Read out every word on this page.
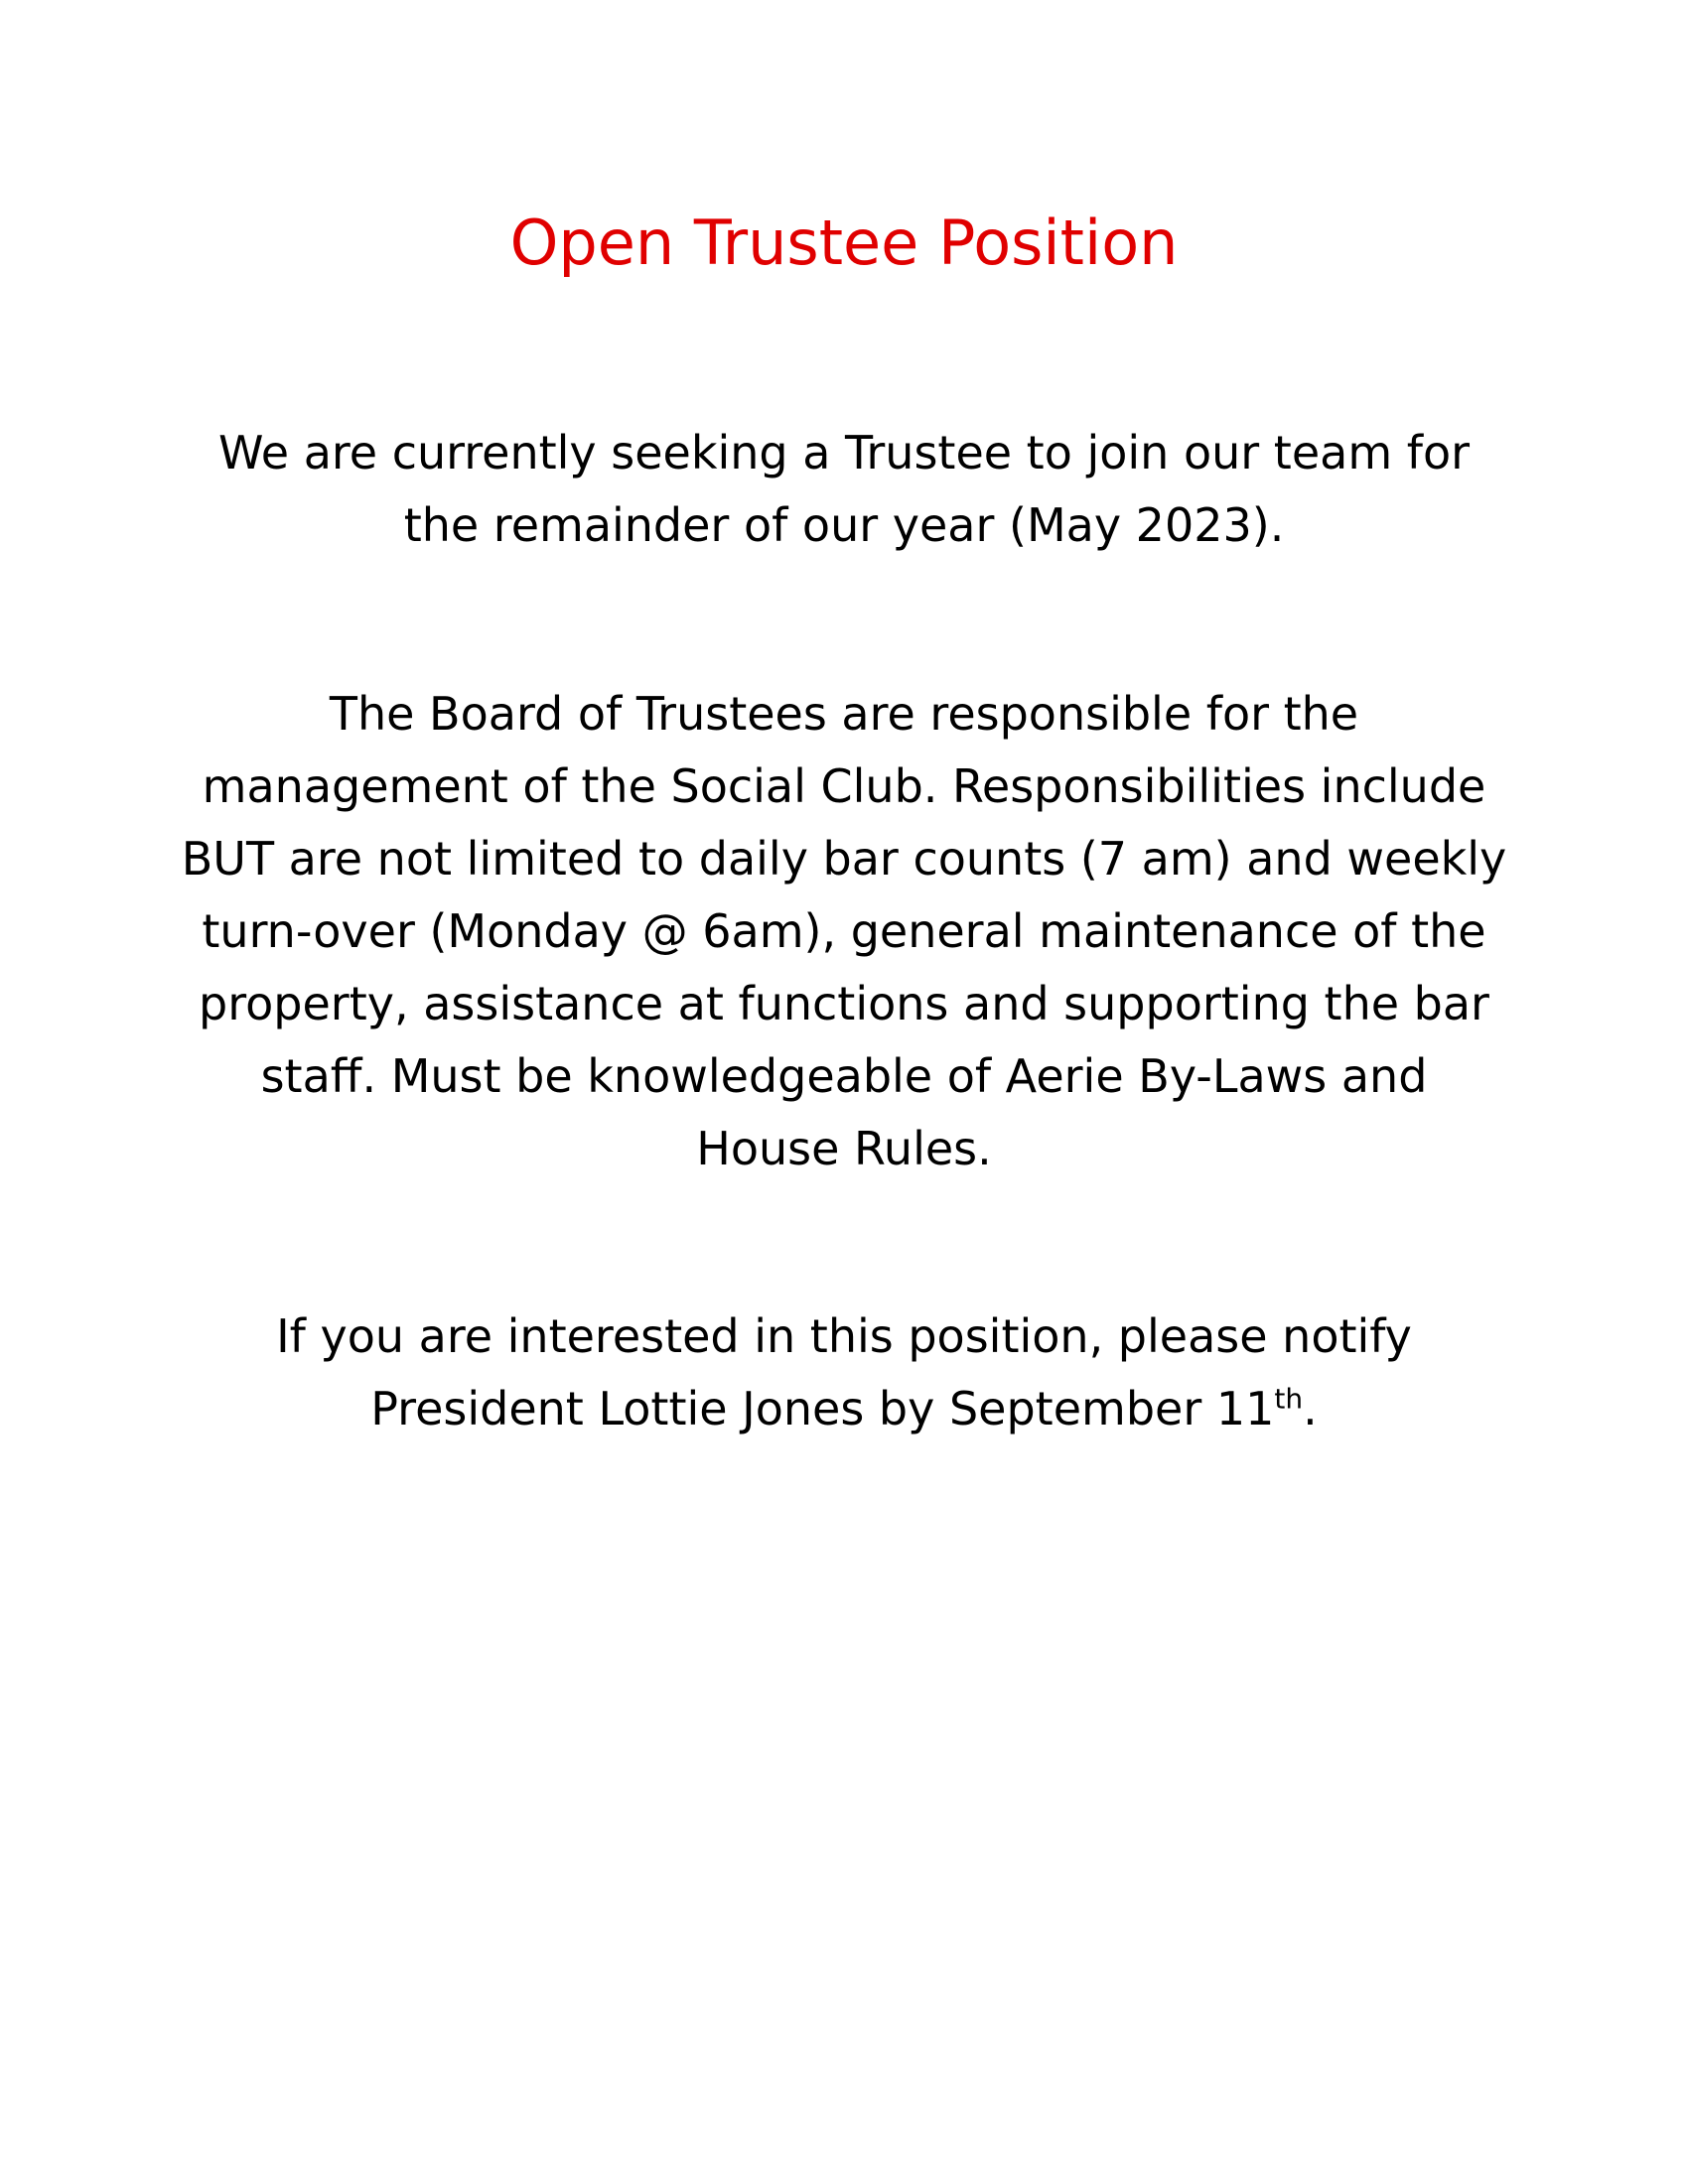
Open Trustee Position

We are currently seeking a Trustee to join our team for
the remainder of our year (May 2023).

The Board of Trustees are responsible for the
management of the Social Club. Responsibilities include
BUT are not limited to daily bar counts (7 am) and weekly
turn-over (Monday @ 6am), general maintenance of the
property, assistance at functions and supporting the bar
staff. Must be knowledgeable of Aerie By-Laws and
House Rules.

If you are interested in this position, please notify
President Lottie Jones by September 11th.
